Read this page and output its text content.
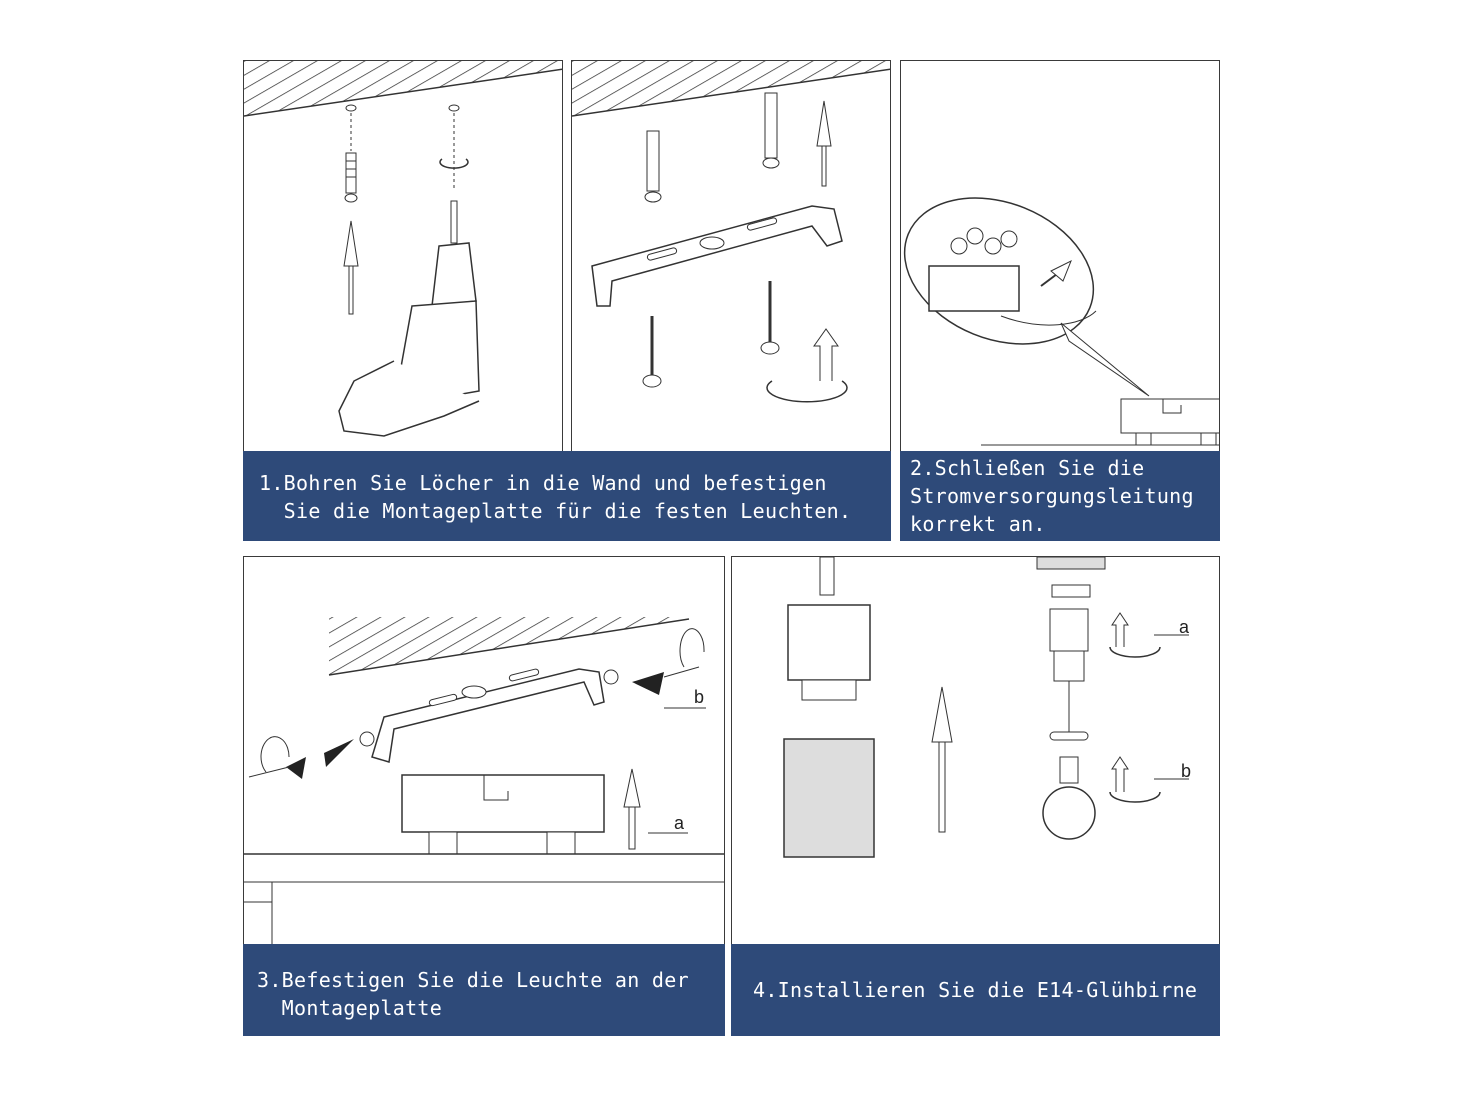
1.Bohren Sie Löcher in die Wand und befestigen
Sie die Montageplatte für die festen Leuchten.
2.Schließen Sie die
Stromversorgungsleitung
korrekt an.
b
a
a
b
3.Befestigen Sie die Leuchte an der
Montageplatte
4.Installieren Sie die E14-Glühbirne
